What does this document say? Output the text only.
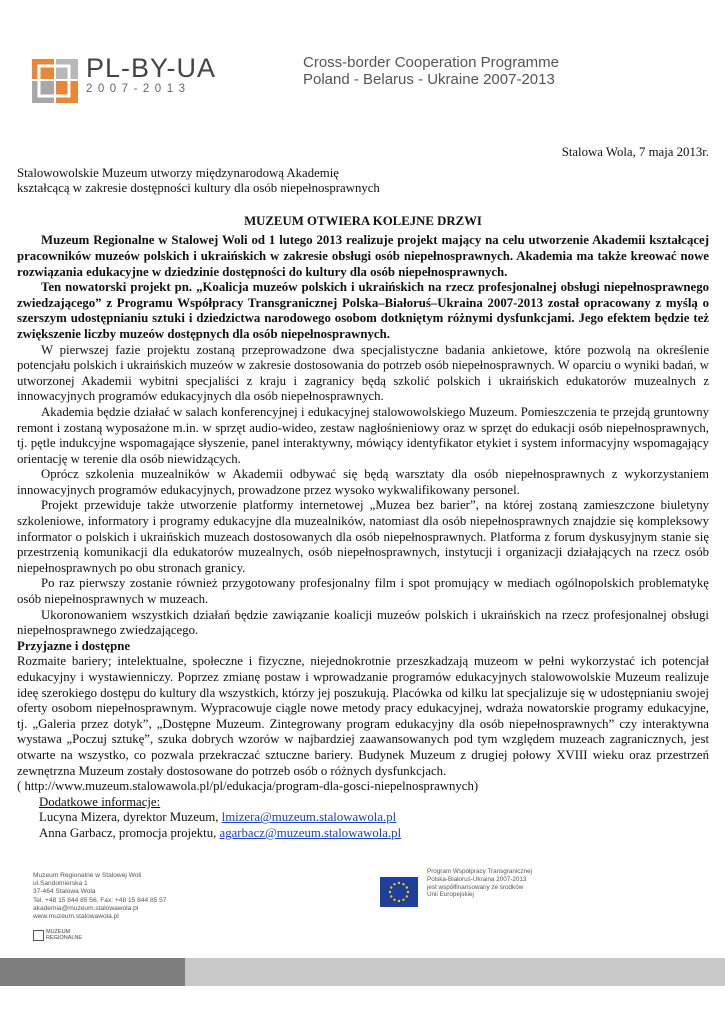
PL-BY-UA
2007-2013
Cross-border Cooperation Programme
Poland - Belarus - Ukraine 2007-2013
Stalowa Wola, 7 maja 2013r.
Stalowowolskie Muzeum utworzy międzynarodową Akademię
kształcącą w zakresie dostępności kultury dla osób niepełnosprawnych
MUZEUM OTWIERA KOLEJNE DRZWI

Muzeum Regionalne w Stalowej Woli od 1 lutego 2013 realizuje projekt mający na celu utworzenie Akademii kształcącej pracowników muzeów polskich i ukraińskich w zakresie obsługi osób niepełnosprawnych. Akademia ma także kreować nowe rozwiązania edukacyjne w dziedzinie dostępności do kultury dla osób niepełnosprawnych.

Ten nowatorski projekt pn. „Koalicja muzeów polskich i ukraińskich na rzecz profesjonalnej obsługi niepełnosprawnego zwiedzającego” z Programu Współpracy Transgranicznej Polska–Białoruś–Ukraina 2007-2013 został opracowany z myślą o szerszym udostępnianiu sztuki i dziedzictwa narodowego osobom dotkniętym różnymi dysfunkcjami. Jego efektem będzie też zwiększenie liczby muzeów dostępnych dla osób niepełnosprawnych.

W pierwszej fazie projektu zostaną przeprowadzone dwa specjalistyczne badania ankietowe, które pozwolą na określenie potencjału polskich i ukraińskich muzeów w zakresie dostosowania do potrzeb osób niepełnosprawnych. W oparciu o wyniki badań, w utworzonej Akademii wybitni specjaliści z kraju i zagranicy będą szkolić polskich i ukraińskich edukatorów muzealnych z innowacyjnych programów edukacyjnych dla osób niepełnosprawnych.

Akademia będzie działać w salach konferencyjnej i edukacyjnej stalowowolskiego Muzeum. Pomieszczenia te przejdą gruntowny remont i zostaną wyposażone m.in. w sprzęt audio-wideo, zestaw nagłośnieniowy oraz w sprzęt do edukacji osób niepełnosprawnych, tj. pętle indukcyjne wspomagające słyszenie, panel interaktywny, mówiący identyfikator etykiet i system informacyjny wspomagający orientację w terenie dla osób niewidzących.

Oprócz szkolenia muzealników w Akademii odbywać się będą warsztaty dla osób niepełnosprawnych z wykorzystaniem innowacyjnych programów edukacyjnych, prowadzone przez wysoko wykwalifikowany personel.

Projekt przewiduje także utworzenie platformy internetowej „Muzea bez barier”, na której zostaną zamieszczone biuletyny szkoleniowe, informatory i programy edukacyjne dla muzealników, natomiast dla osób niepełnosprawnych znajdzie się kompleksowy informator o polskich i ukraińskich muzeach dostosowanych dla osób niepełnosprawnych. Platforma z forum dyskusyjnym stanie się przestrzenią komunikacji dla edukatorów muzealnych, osób niepełnosprawnych, instytucji i organizacji działających na rzecz osób niepełnosprawnych po obu stronach granicy.

Po raz pierwszy zostanie również przygotowany profesjonalny film i spot promujący w mediach ogólnopolskich problematykę osób niepełnosprawnych w muzeach.

Ukoronowaniem wszystkich działań będzie zawiązanie koalicji muzeów polskich i ukraińskich na rzecz profesjonalnej obsługi niepełnosprawnego zwiedzającego.

Przyjazne i dostępne

Rozmaite bariery; intelektualne, społeczne i fizyczne, niejednokrotnie przeszkadzają muzeom w pełni wykorzystać ich potencjał edukacyjny i wystawienniczy. Poprzez zmianę postaw i wprowadzanie programów edukacyjnych stalowowolskie Muzeum realizuje ideę szerokiego dostępu do kultury dla wszystkich, którzy jej poszukują. Placówka od kilku lat specjalizuje się w udostępnianiu swojej oferty osobom niepełnosprawnym. Wypracowuje ciągle nowe metody pracy edukacyjnej, wdraża nowatorskie programy edukacyjne, tj. „Galeria przez dotyk”, „Dostępne Muzeum. Zintegrowany program edukacyjny dla osób niepełnosprawnych” czy interaktywna wystawa „Poczuj sztukę”, szuka dobrych wzorów w najbardziej zaawansowanych pod tym względem muzeach zagranicznych, jest otwarte na wszystko, co pozwala przekraczać sztuczne bariery. Budynek Muzeum z drugiej połowy XVIII wieku oraz przestrzeń zewnętrzna Muzeum zostały dostosowane do potrzeb osób o różnych dysfunkcjach.

( http://www.muzeum.stalowawola.pl/pl/edukacja/program-dla-gosci-niepelnosprawnych)
Dodatkowe informacje:
Lucyna Mizera, dyrektor Muzeum, lmizera@muzeum.stalowawola.pl
Anna Garbacz, promocja projektu, agarbacz@muzeum.stalowawola.pl
Muzeum Regionalne w Stalowej Woli
ul.Sandomierska 1
37-464 Stalowa Wola
Tel. +48 15 844 85 56, Fax: +48 15 844 85 57
akademia@muzeum.stalowawola.pl
www.muzeum.stalowawola.pl
MUZEUM
REGIONALNE
Program Współpracy Transgranicznej
Polska-Białoruś-Ukraina 2007-2013
jest współfinansowany ze środków
Unii Europejskiej
